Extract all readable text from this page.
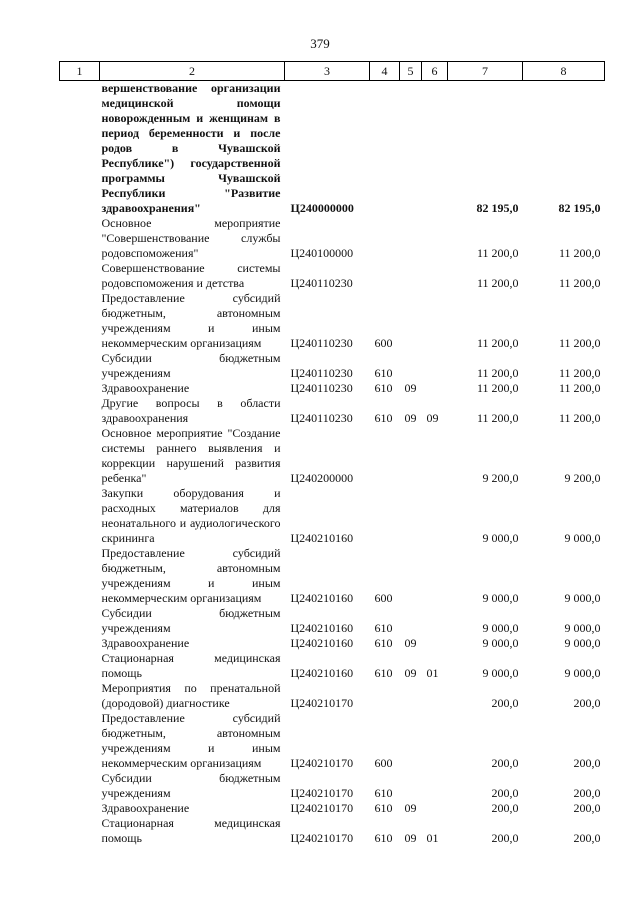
379
1	2	3	4	5	6	7	8
	вершенствование организации медицинской помощи новорожденным и женщинам в период беременности и после родов в Чувашской Республике") государственной программы Чувашской Республики "Развитие здравоохранения"	Ц240000000				82 195,0	82 195,0
	Основное мероприятие "Совершенствование службы родовспоможения"	Ц240100000				11 200,0	11 200,0
	Совершенствование системы родовспоможения и детства	Ц240110230				11 200,0	11 200,0
	Предоставление субсидий бюджетным, автономным учреждениям и иным некоммерческим организациям	Ц240110230	600			11 200,0	11 200,0
	Субсидии бюджетным учреждениям	Ц240110230	610			11 200,0	11 200,0
	Здравоохранение	Ц240110230	610	09		11 200,0	11 200,0
	Другие вопросы в области здравоохранения	Ц240110230	610	09	09	11 200,0	11 200,0
	Основное мероприятие "Создание системы раннего выявления и коррекции нарушений развития ребенка"	Ц240200000				9 200,0	9 200,0
	Закупки оборудования и расходных материалов для неонатального и аудиологического скрининга	Ц240210160				9 000,0	9 000,0
	Предоставление субсидий бюджетным, автономным учреждениям и иным некоммерческим организациям	Ц240210160	600			9 000,0	9 000,0
	Субсидии бюджетным учреждениям	Ц240210160	610			9 000,0	9 000,0
	Здравоохранение	Ц240210160	610	09		9 000,0	9 000,0
	Стационарная медицинская помощь	Ц240210160	610	09	01	9 000,0	9 000,0
	Мероприятия по пренатальной (дородовой) диагностике	Ц240210170				200,0	200,0
	Предоставление субсидий бюджетным, автономным учреждениям и иным некоммерческим организациям	Ц240210170	600			200,0	200,0
	Субсидии бюджетным учреждениям	Ц240210170	610			200,0	200,0
	Здравоохранение	Ц240210170	610	09		200,0	200,0
	Стационарная медицинская помощь	Ц240210170	610	09	01	200,0	200,0
